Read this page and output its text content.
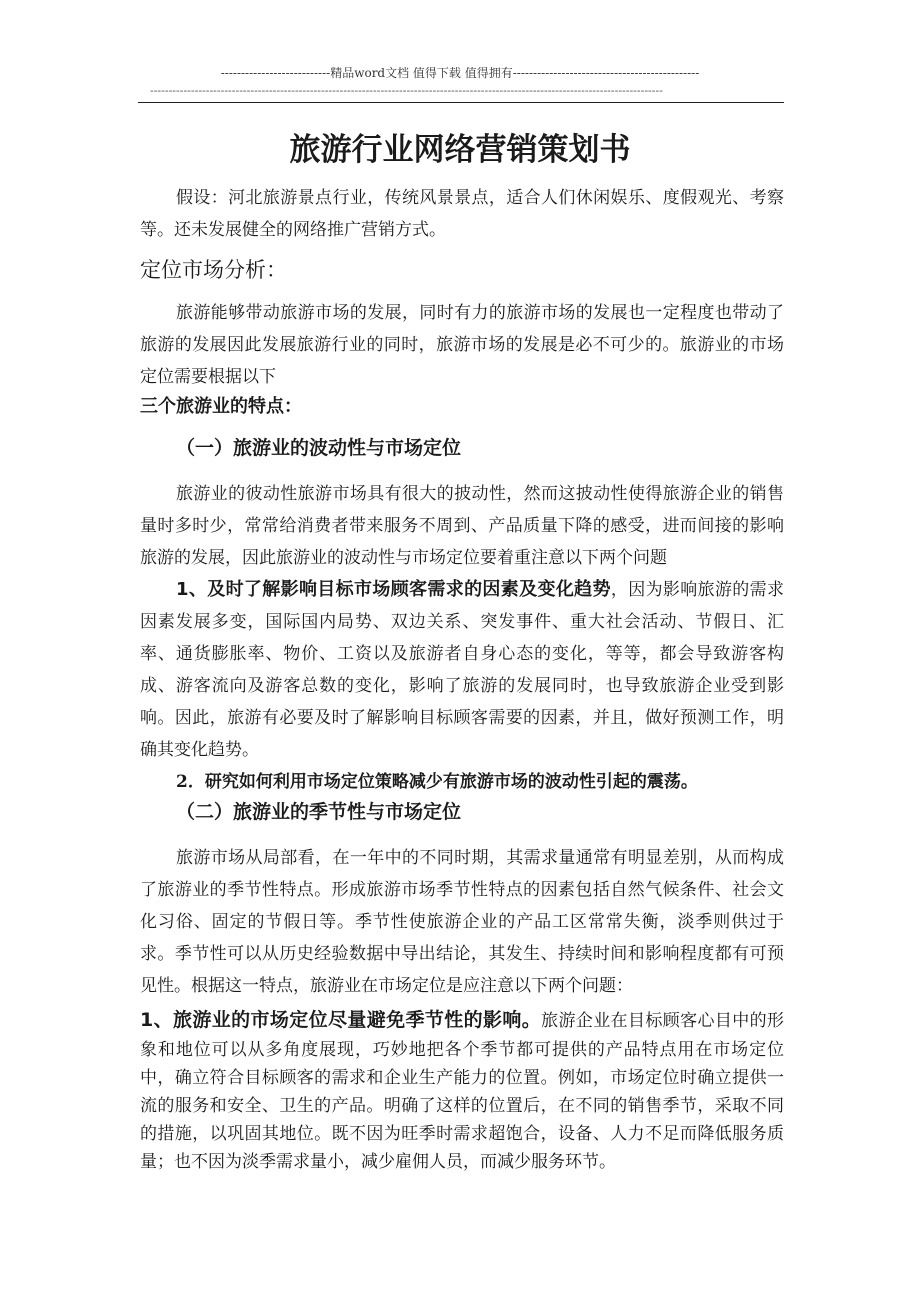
---------------------------精品word文档 值得下载 值得拥有----------------------------------------------
------------------------------------------------------------------------------------------------------------------------------------------
旅游行业网络营销策划书

假设：河北旅游景点行业，传统风景景点，适合人们休闲娱乐、度假观光、考察等。还未发展健全的网络推广营销方式。

定位市场分析：

旅游能够带动旅游市场的发展，同时有力的旅游市场的发展也一定程度也带动了旅游的发展因此发展旅游行业的同时，旅游市场的发展是必不可少的。旅游业的市场定位需要根据以下

三个旅游业的特点：

（一）旅游业的波动性与市场定位

旅游业的彼动性旅游市场具有很大的披动性，然而这披动性使得旅游企业的销售量时多时少，常常给消费者带来服务不周到、产品质量下降的感受，进而间接的影响旅游的发展，因此旅游业的波动性与市场定位要着重注意以下两个问题

1、及时了解影响目标市场顾客需求的因素及变化趋势，因为影响旅游的需求因素发展多变，国际国内局势、双边关系、突发事件、重大社会活动、节假日、汇率、通货膨胀率、物价、工资以及旅游者自身心态的变化，等等，都会导致游客构成、游客流向及游客总数的变化，影响了旅游的发展同时，也导致旅游企业受到影响。因此，旅游有必要及时了解影响目标顾客需要的因素，并且，做好预测工作，明确其变化趋势。

2．研究如何利用市场定位策略减少有旅游市场的波动性引起的震荡。

（二）旅游业的季节性与市场定位

旅游市场从局部看，在一年中的不同时期，其需求量通常有明显差别，从而构成了旅游业的季节性特点。形成旅游市场季节性特点的因素包括自然气候条件、社会文化习俗、固定的节假日等。季节性使旅游企业的产品工区常常失衡，淡季则供过于求。季节性可以从历史经验数据中导出结论，其发生、持续时间和影响程度都有可预见性。根据这一特点，旅游业在市场定位是应注意以下两个问题：

1、旅游业的市场定位尽量避免季节性的影响。旅游企业在目标顾客心目中的形象和地位可以从多角度展现，巧妙地把各个季节都可提供的产品特点用在市场定位中，确立符合目标顾客的需求和企业生产能力的位置。例如，市场定位时确立提供一流的服务和安全、卫生的产品。明确了这样的位置后，在不同的销售季节，采取不同的措施，以巩固其地位。既不因为旺季时需求超饱合，设备、人力不足而降低服务质量；也不因为淡季需求量小，减少雇佣人员，而减少服务环节。
